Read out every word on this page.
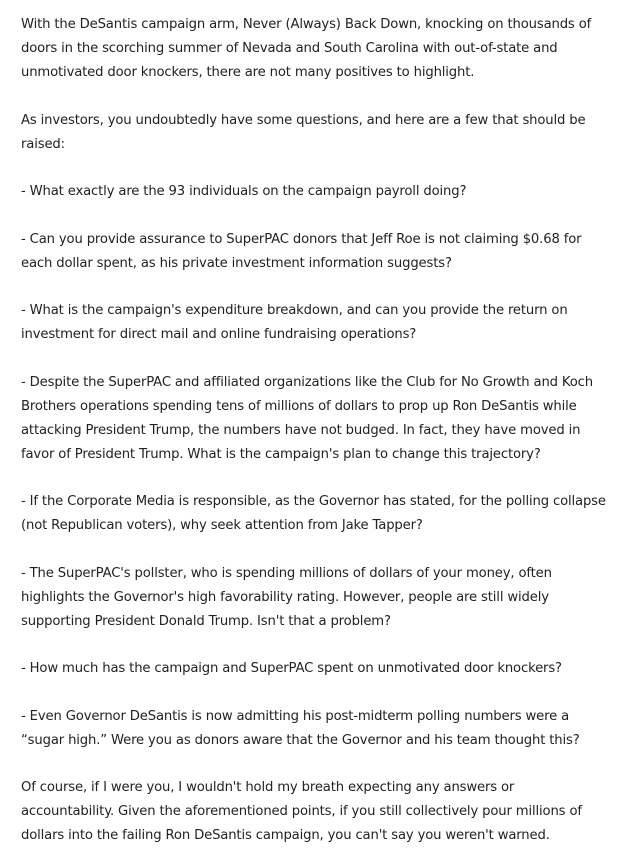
With the DeSantis campaign arm, Never (Always) Back Down, knocking on thousands of doors in the scorching summer of Nevada and South Carolina with out-of-state and unmotivated door knockers, there are not many positives to highlight.

As investors, you undoubtedly have some questions, and here are a few that should be raised:

- What exactly are the 93 individuals on the campaign payroll doing?

- Can you provide assurance to SuperPAC donors that Jeff Roe is not claiming $0.68 for each dollar spent, as his private investment information suggests?

- What is the campaign's expenditure breakdown, and can you provide the return on investment for direct mail and online fundraising operations?

- Despite the SuperPAC and affiliated organizations like the Club for No Growth and Koch Brothers operations spending tens of millions of dollars to prop up Ron DeSantis while attacking President Trump, the numbers have not budged. In fact, they have moved in favor of President Trump. What is the campaign's plan to change this trajectory?

- If the Corporate Media is responsible, as the Governor has stated, for the polling collapse (not Republican voters), why seek attention from Jake Tapper?

- The SuperPAC's pollster, who is spending millions of dollars of your money, often highlights the Governor's high favorability rating. However, people are still widely supporting President Donald Trump. Isn't that a problem?

- How much has the campaign and SuperPAC spent on unmotivated door knockers?

- Even Governor DeSantis is now admitting his post-midterm polling numbers were a “sugar high.” Were you as donors aware that the Governor and his team thought this?

Of course, if I were you, I wouldn't hold my breath expecting any answers or accountability. Given the aforementioned points, if you still collectively pour millions of dollars into the failing Ron DeSantis campaign, you can't say you weren't warned.
